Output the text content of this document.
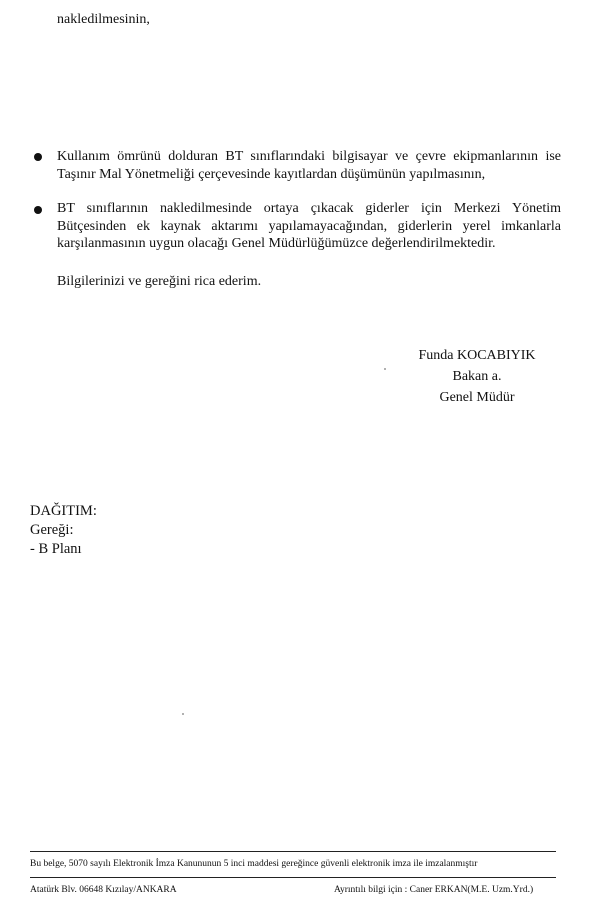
nakledilmesinin,
Kullanım ömrünü dolduran BT sınıflarındaki bilgisayar ve çevre ekipmanlarının ise Taşınır Mal Yönetmeliği çerçevesinde kayıtlardan düşümünün yapılmasının,
BT sınıflarının nakledilmesinde ortaya çıkacak giderler için Merkezi Yönetim Bütçesinden ek kaynak aktarımı yapılamayacağından, giderlerin yerel imkanlarla karşılanmasının uygun olacağı Genel Müdürlüğümüzce değerlendirilmektedir.
Bilgilerinizi ve gereğini rica ederim.
Funda KOCABIYIK
Bakan a.
Genel Müdür
DAĞITIM:
Gereği:
- B Planı
Bu belge, 5070 sayılı Elektronik İmza Kanununun 5 inci maddesi gereğince güvenli elektronik imza ile imzalanmıştır
Atatürk Blv. 06648 Kızılay/ANKARA	Ayrıntılı bilgi için : Caner ERKAN(M.E. Uzm.Yrd.)
